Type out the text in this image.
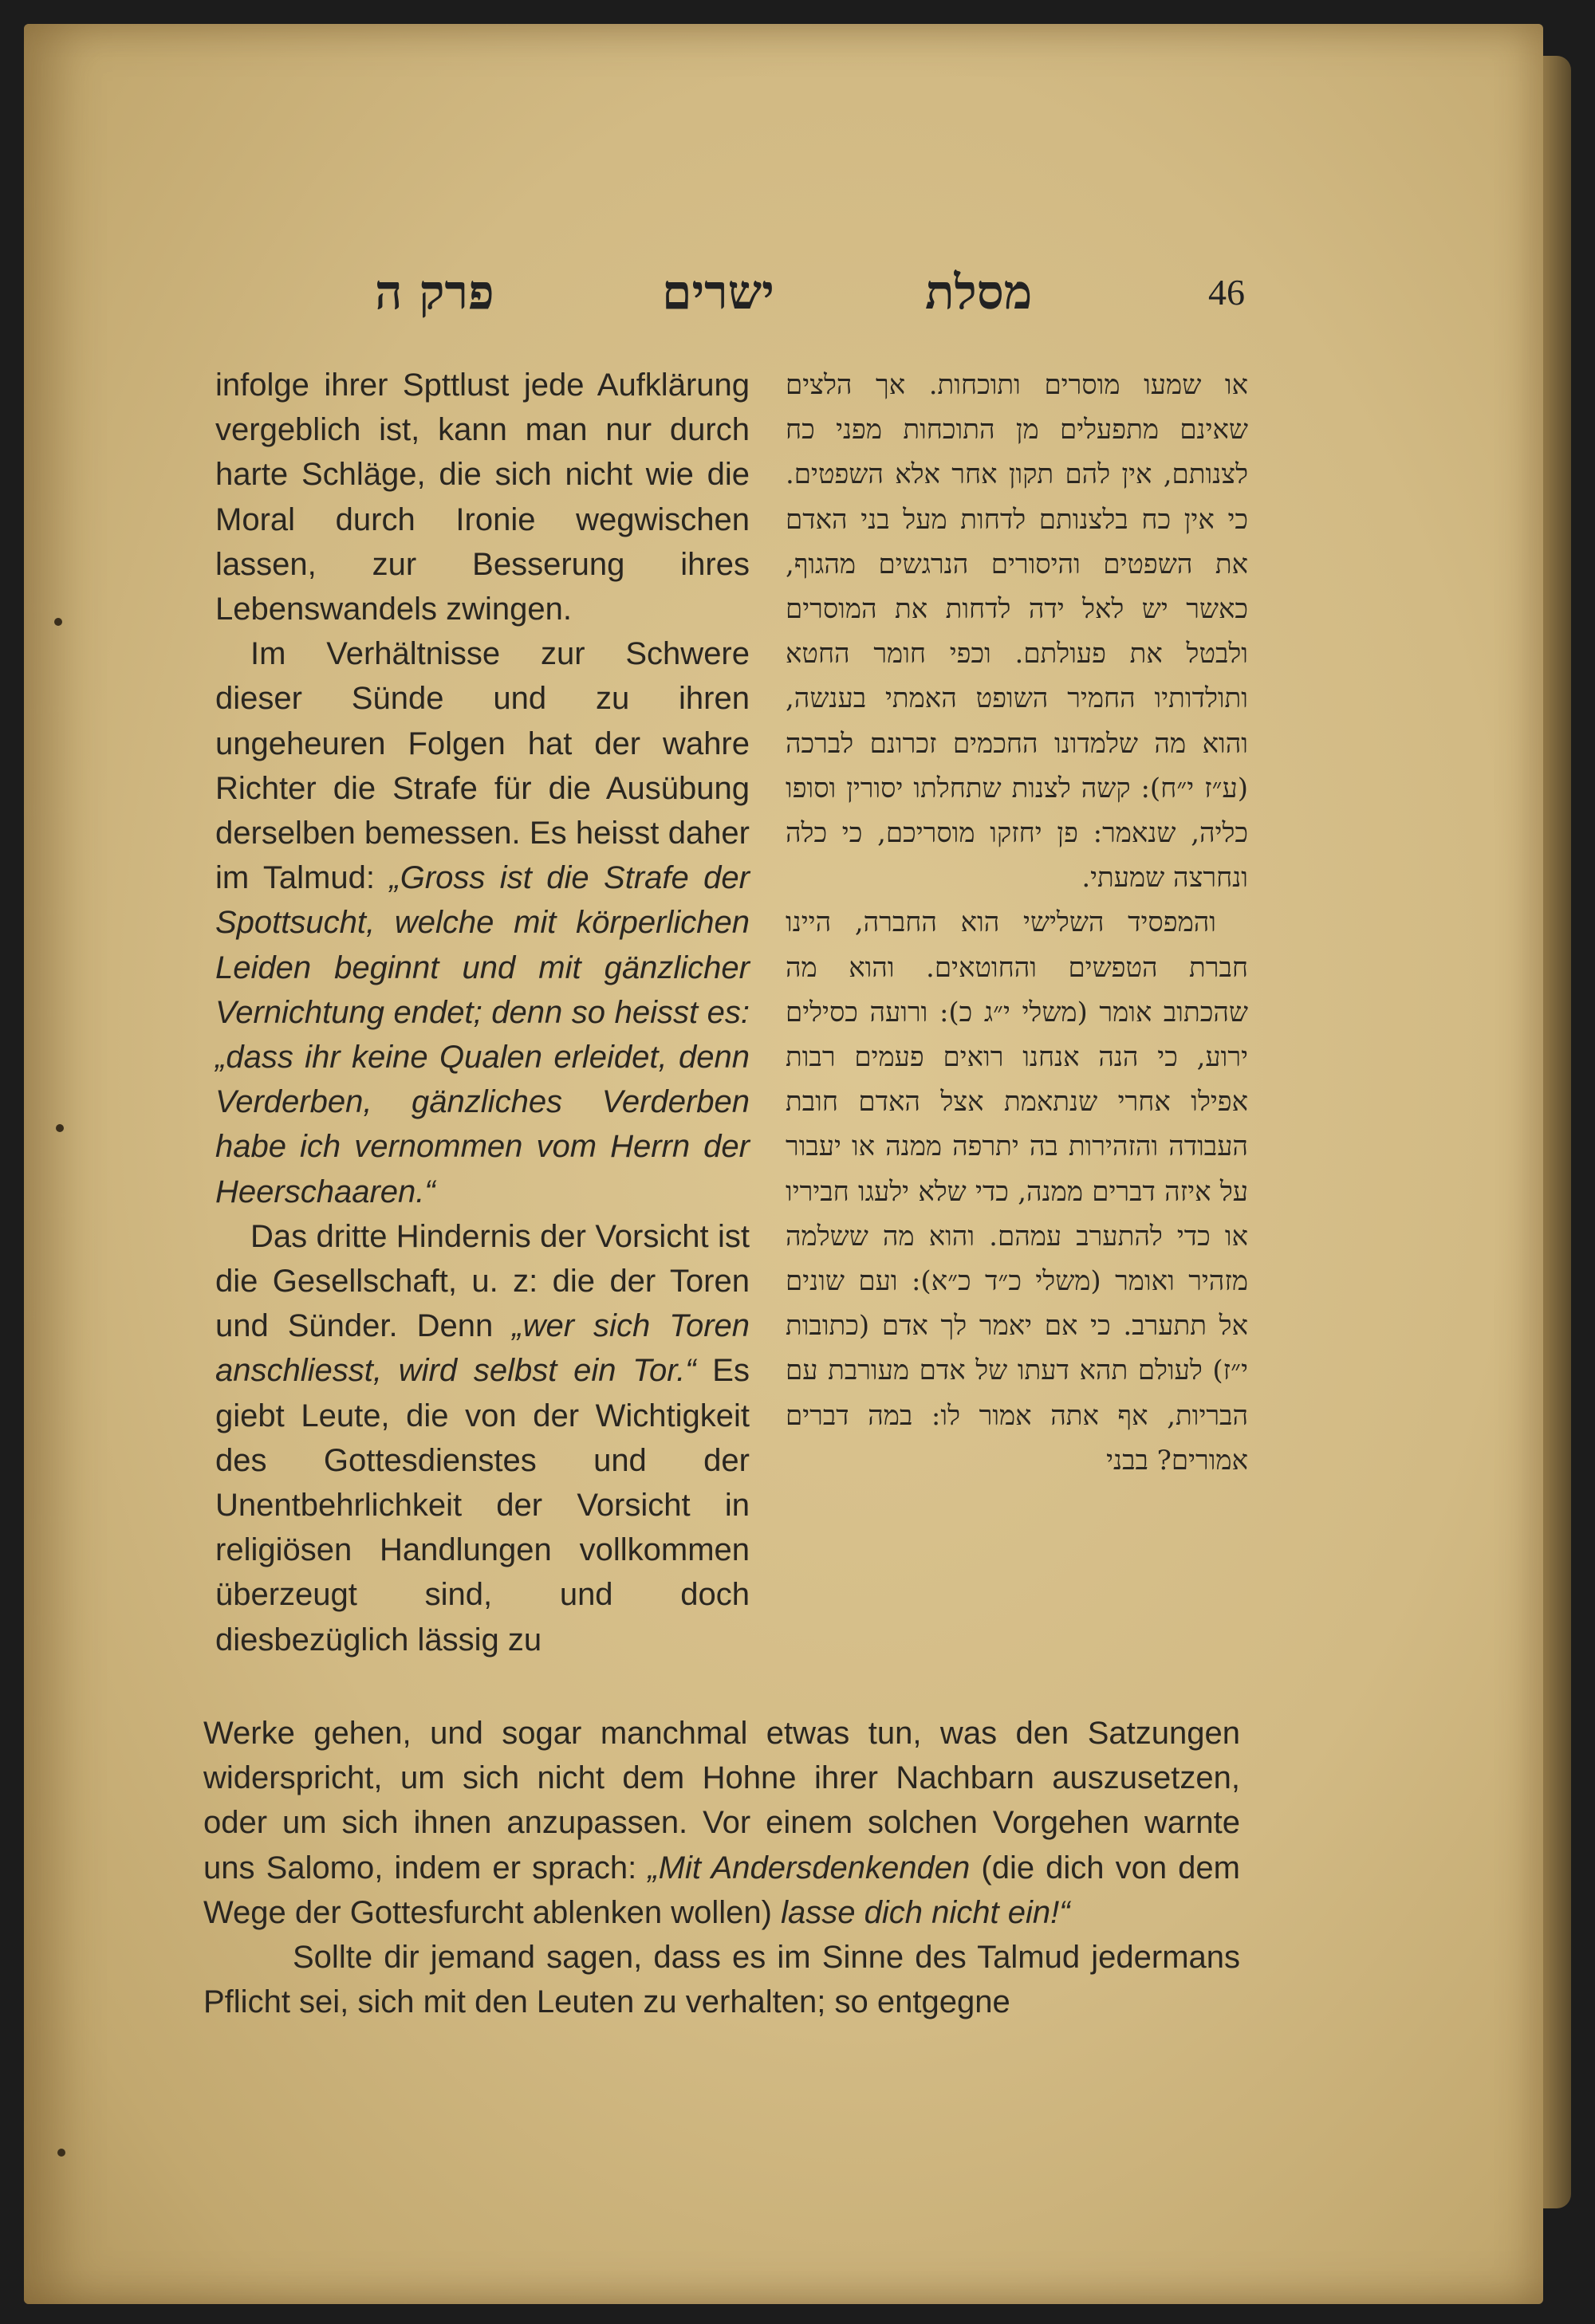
46
מסלת
ישרים
פרק ה

infolge ihrer Spttlust jede Aufklärung vergeblich ist, kann man nur durch harte Schläge, die sich nicht wie die Moral durch Ironie wegwischen lassen, zur Besserung ihres Lebenswandels zwingen.

Im Verhältnisse zur Schwere dieser Sünde und zu ihren ungeheuren Folgen hat der wahre Richter die Strafe für die Ausübung derselben bemessen. Es heisst daher im Talmud: „Gross ist die Strafe der Spottsucht, welche mit körperlichen Leiden beginnt und mit gänzlicher Vernichtung endet; denn so heisst es: „dass ihr keine Qualen erleidet, denn Verderben, gänzliches Verderben habe ich vernommen vom Herrn der Heerschaaren.“

Das dritte Hindernis der Vorsicht ist die Gesellschaft, u. z: die der Toren und Sünder. Denn „wer sich Toren anschliesst, wird selbst ein Tor.“ Es giebt Leute, die von der Wichtigkeit des Gottesdienstes und der Unentbehrlichkeit der Vorsicht in religiösen Handlungen vollkommen überzeugt sind, und doch diesbezüglich lässig zu

או שמעו מוסרים ותוכחות. אך הלצים שאינם מתפעלים מן התוכחות מפני כח לצנותם, אין להם תקון אחר אלא השפטים. כי אין כח בלצנותם לדחות מעל בני האדם את השפטים והיסורים הנרגשים מהגוף, כאשר יש לאל ידה לדחות את המוסרים ולבטל את פעולתם. וכפי חומר החטא ותולדותיו החמיר השופט האמתי בענשה, והוא מה שלמדונו החכמים זכרונם לברכה (ע״ז י״ח): קשה לצנות שתחלתו יסורין וסופו כליה, שנאמר: פן יחזקו מוסריכם, כי כלה ונחרצה שמעתי.

והמפסיד השלישי הוא החברה, היינו חברת הטפשים והחוטאים. והוא מה שהכתוב אומר (משלי י״ג כ): ורועה כסילים ירוע, כי הנה אנחנו רואים פעמים רבות אפילו אחרי שנתאמת אצל האדם חובת העבודה והזהירות בה יתרפה ממנה או יעבור על איזה דברים ממנה, כדי שלא ילעגו חביריו או כדי להתערב עמהם. והוא מה ששלמה מזהיר ואומר (משלי כ״ד כ״א): ועם שונים אל תתערב. כי אם יאמר לך אדם (כתובות י״ז) לעולם תהא דעתו של אדם מעורבת עם הבריות, אף אתה אמור לו: במה דברים אמורים? בבני

Werke gehen, und sogar manchmal etwas tun, was den Satzungen widerspricht, um sich nicht dem Hohne ihrer Nachbarn auszusetzen, oder um sich ihnen anzupassen. Vor einem solchen Vorgehen warnte uns Salomo, indem er sprach: „Mit Andersdenkenden (die dich von dem Wege der Gottesfurcht ablenken wollen) lasse dich nicht ein!“

Sollte dir jemand sagen, dass es im Sinne des Talmud jedermans Pflicht sei, sich mit den Leuten zu verhalten; so entgegne
